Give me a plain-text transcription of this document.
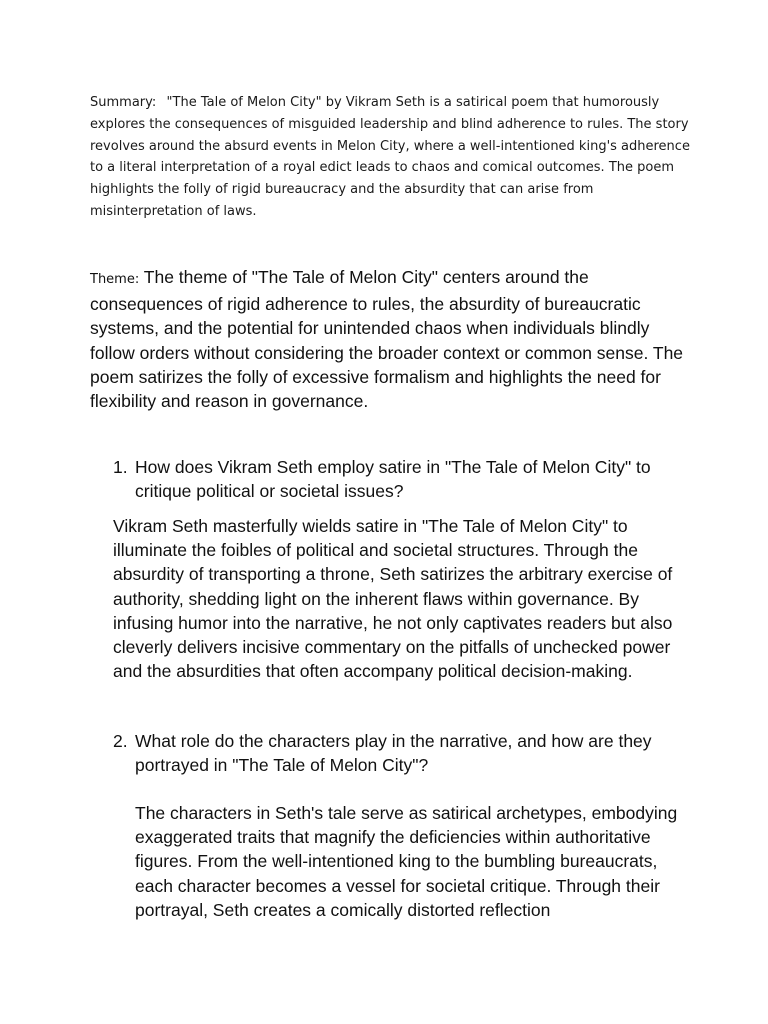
Summary:  "The Tale of Melon City" by Vikram Seth is a satirical poem that humorously explores the consequences of misguided leadership and blind adherence to rules. The story revolves around the absurd events in Melon City, where a well-intentioned king's adherence to a literal interpretation of a royal edict leads to chaos and comical outcomes. The poem highlights the folly of rigid bureaucracy and the absurdity that can arise from misinterpretation of laws.

Theme: The theme of "The Tale of Melon City" centers around the consequences of rigid adherence to rules, the absurdity of bureaucratic systems, and the potential for unintended chaos when individuals blindly follow orders without considering the broader context or common sense. The poem satirizes the folly of excessive formalism and highlights the need for flexibility and reason in governance.

1. How does Vikram Seth employ satire in "The Tale of Melon City" to critique political or societal issues?

Vikram Seth masterfully wields satire in "The Tale of Melon City" to illuminate the foibles of political and societal structures. Through the absurdity of transporting a throne, Seth satirizes the arbitrary exercise of authority, shedding light on the inherent flaws within governance. By infusing humor into the narrative, he not only captivates readers but also cleverly delivers incisive commentary on the pitfalls of unchecked power and the absurdities that often accompany political decision-making.

2. What role do the characters play in the narrative, and how are they portrayed in "The Tale of Melon City"?

The characters in Seth's tale serve as satirical archetypes, embodying exaggerated traits that magnify the deficiencies within authoritative figures. From the well-intentioned king to the bumbling bureaucrats, each character becomes a vessel for societal critique. Through their portrayal, Seth creates a comically distorted reflection
